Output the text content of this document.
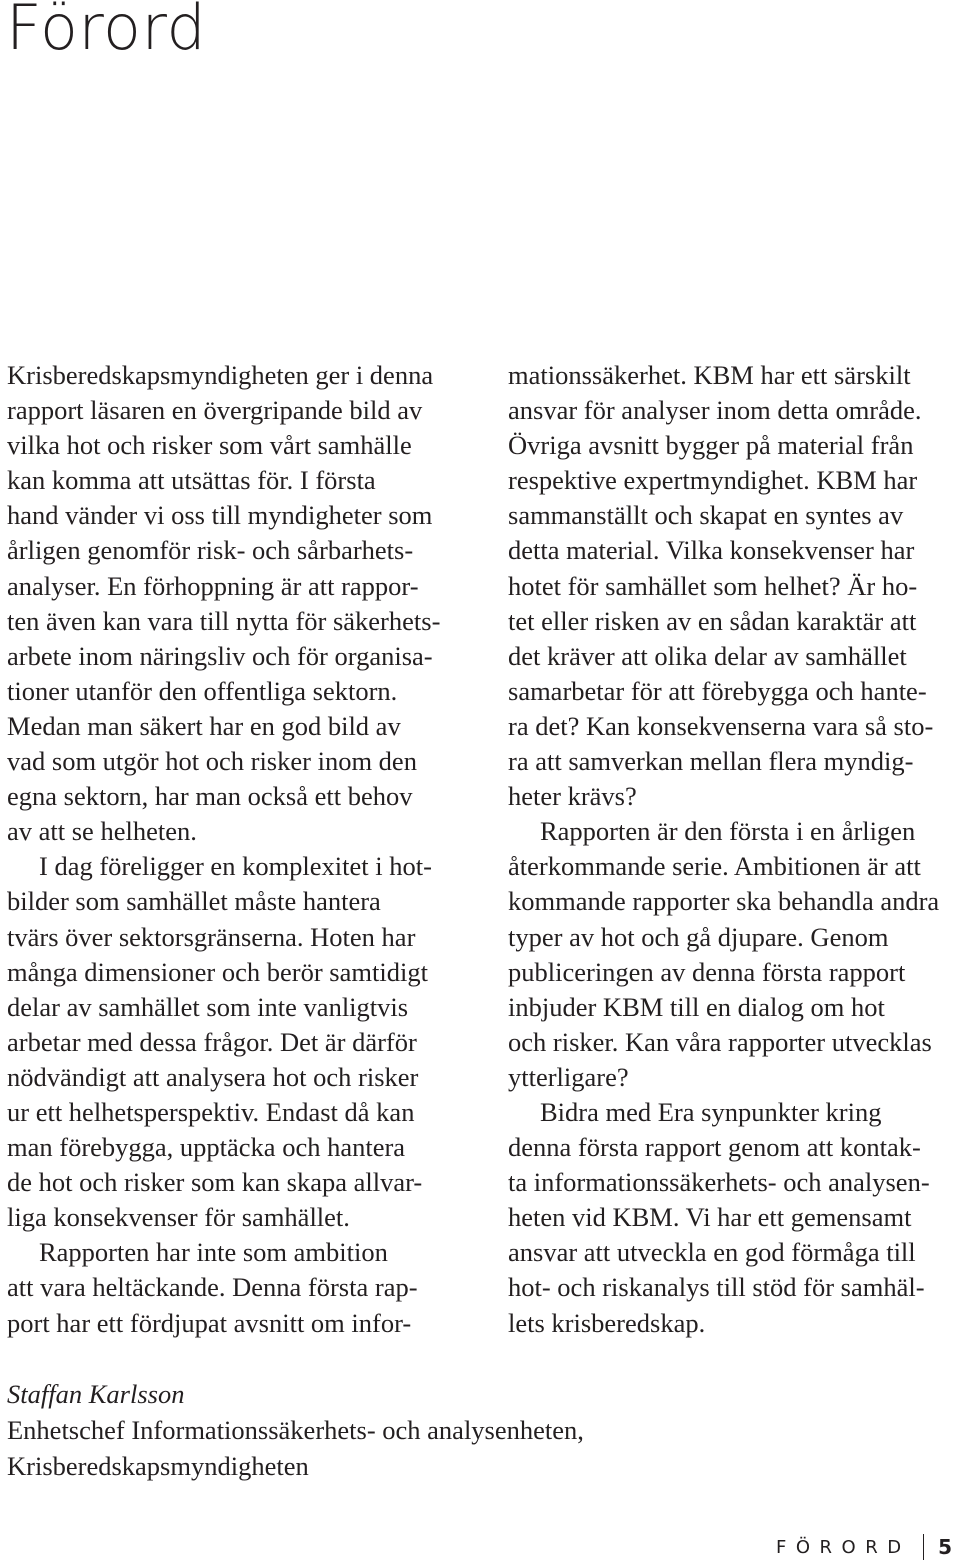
Förord
Krisberedskapsmyndigheten ger i denna
rapport läsaren en övergripande bild av
vilka hot och risker som vårt samhälle
kan komma att utsättas för. I första
hand vänder vi oss till myndigheter som
årligen genomför risk- och sårbarhets-
analyser. En förhoppning är att rappor-
ten även kan vara till nytta för säkerhets-
arbete inom näringsliv och för organisa-
tioner utanför den offentliga sektorn.
Medan man säkert har en god bild av
vad som utgör hot och risker inom den
egna sektorn, har man också ett behov
av att se helheten.
I dag föreligger en komplexitet i hot-
bilder som samhället måste hantera
tvärs över sektorsgränserna. Hoten har
många dimensioner och berör samtidigt
delar av samhället som inte vanligtvis
arbetar med dessa frågor. Det är därför
nödvändigt att analysera hot och risker
ur ett helhetsperspektiv. Endast då kan
man förebygga, upptäcka och hantera
de hot och risker som kan skapa allvar-
liga konsekvenser för samhället.
Rapporten har inte som ambition
att vara heltäckande. Denna första rap-
port har ett fördjupat avsnitt om infor-
mationssäkerhet. KBM har ett särskilt
ansvar för analyser inom detta område.
Övriga avsnitt bygger på material från
respektive expertmyndighet. KBM har
sammanställt och skapat en syntes av
detta material. Vilka konsekvenser har
hotet för samhället som helhet? Är ho-
tet eller risken av en sådan karaktär att
det kräver att olika delar av samhället
samarbetar för att förebygga och hante-
ra det? Kan konsekvenserna vara så sto-
ra att samverkan mellan flera myndig-
heter krävs?
Rapporten är den första i en årligen
återkommande serie. Ambitionen är att
kommande rapporter ska behandla andra
typer av hot och gå djupare. Genom
publiceringen av denna första rapport
inbjuder KBM till en dialog om hot
och risker. Kan våra rapporter utvecklas
ytterligare?
Bidra med Era synpunkter kring
denna första rapport genom att kontak-
ta informationssäkerhets- och analysen-
heten vid KBM. Vi har ett gemensamt
ansvar att utveckla en god förmåga till
hot- och riskanalys till stöd för samhäl-
lets krisberedskap.
Staffan Karlsson
Enhetschef Informationssäkerhets- och analysenheten,
Krisberedskapsmyndigheten
FÖRORD 5
